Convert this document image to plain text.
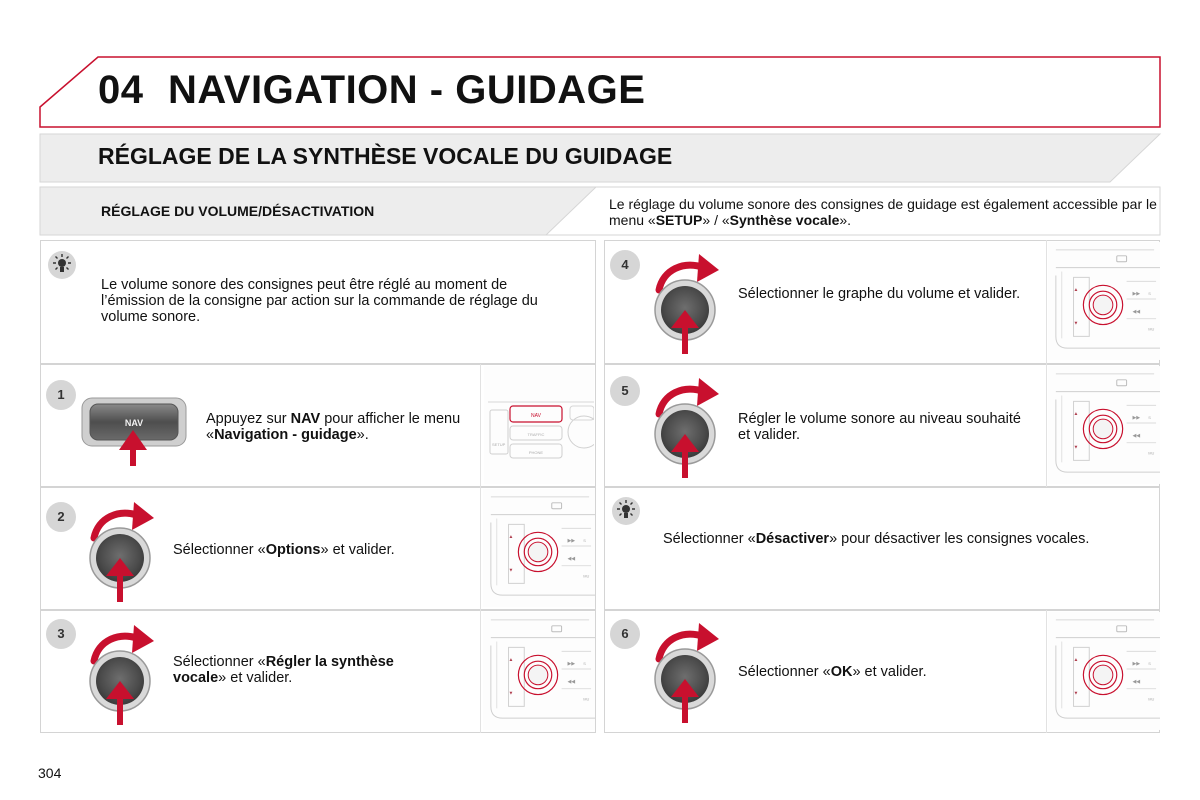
04 NAVIGATION - GUIDAGE
RÉGLAGE DE LA SYNTHÈSE VOCALE DU GUIDAGE
RÉGLAGE DU VOLUME/DÉSACTIVATION	Le réglage du volume sonore des consignes de guidage est également accessible par le menu «SETUP» / «Synthèse vocale».
Le volume sonore des consignes peut être réglé au moment de l’émission de la consigne par action sur la commande de réglage du volume sonore.
1
NAV	Appuyez sur NAV pour afficher le menu «Navigation - guidage».
NAV
TRAFFIC
PHONE
SETUP
2
Sélectionner «Options» et valider.
3
Sélectionner «Régler la synthèse vocale» et valider.
4
Sélectionner le graphe du volume et valider.
5
Régler le volume sonore au niveau souhaité et valider.
Sélectionner «Désactiver» pour désactiver les consignes vocales.
6
Sélectionner «OK» et valider.
304
